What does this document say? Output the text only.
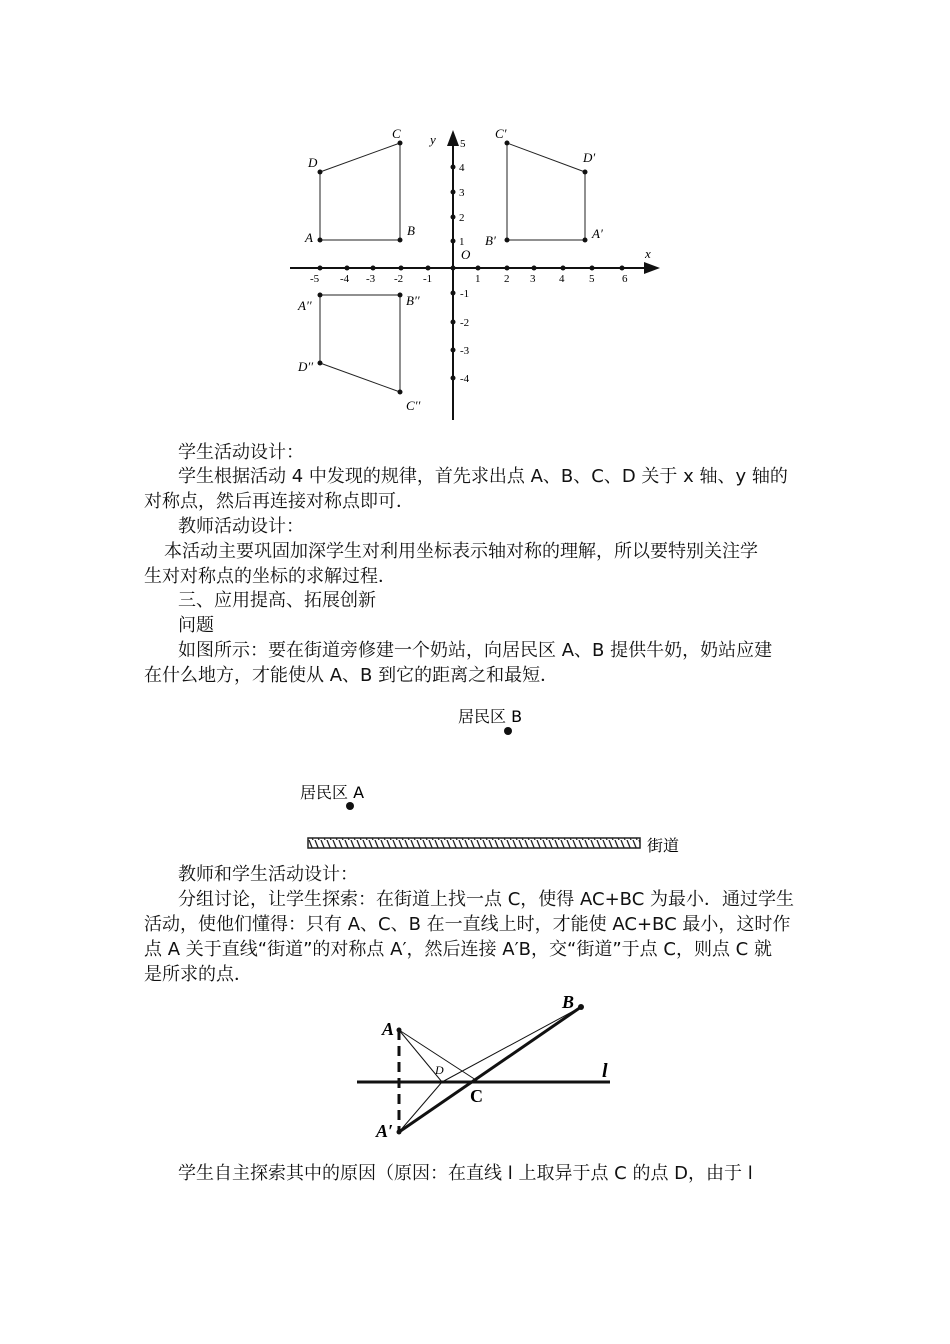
x
y
O
-5 -4 -3 -2 -1	1 2 3 4 5	6
5
4
3
2
1
-1
-2
-3
-4
A	B
C
D
A′
B′
C′
D′
A′′	B′′
C′′
D′′
学生活动设计：
学生根据活动 4 中发现的规律，首先求出点 A、B、C、D 关于 x 轴、y 轴的
对称点，然后再连接对称点即可．
教师活动设计：
本活动主要巩固加深学生对利用坐标表示轴对称的理解，所以要特别关注学
生对对称点的坐标的求解过程．
三、应用提高、拓展创新
问题
如图所示：要在街道旁修建一个奶站，向居民区 A、B 提供牛奶，奶站应建
在什么地方，才能使从 A、B 到它的距离之和最短．
居民区 B
居民区 A
街道
教师和学生活动设计：
分组讨论，让学生探索：在街道上找一点 C，使得 AC+BC 为最小．通过学生
活动，使他们懂得：只有 A、C、B 在一直线上时，才能使 AC+BC 最小，这时作
点 A 关于直线“街道”的对称点 A′，然后连接 A′B，交“街道”于点 C，则点 C 就
是所求的点．
A
B
A′
C
D	l
学生自主探索其中的原因（原因：在直线 l 上取异于点 C 的点 D，由于 l
